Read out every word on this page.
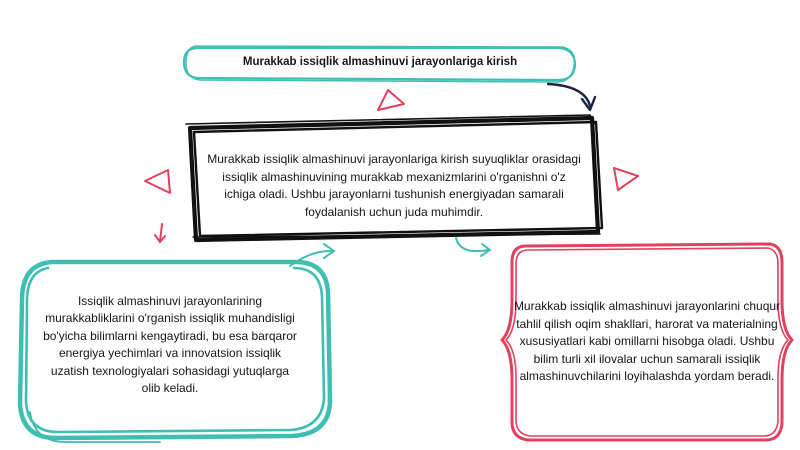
Murakkab issiqlik almashinuvi jarayonlariga kirish
Murakkab issiqlik almashinuvi jarayonlariga kirish suyuqliklar orasidagi issiqlik almashinuvining murakkab mexanizmlarini o'rganishni o'z ichiga oladi. Ushbu jarayonlarni tushunish energiyadan samarali foydalanish uchun juda muhimdir.
Issiqlik almashinuvi jarayonlarining murakkabliklarini o'rganish issiqlik muhandisligi bo'yicha bilimlarni kengaytiradi, bu esa barqaror energiya yechimlari va innovatsion issiqlik uzatish texnologiyalari sohasidagi yutuqlarga olib keladi.
Murakkab issiqlik almashinuvi jarayonlarini chuqur tahlil qilish oqim shakllari, harorat va materialning xususiyatlari kabi omillarni hisobga oladi. Ushbu bilim turli xil ilovalar uchun samarali issiqlik almashinuvchilarini loyihalashda yordam beradi.
